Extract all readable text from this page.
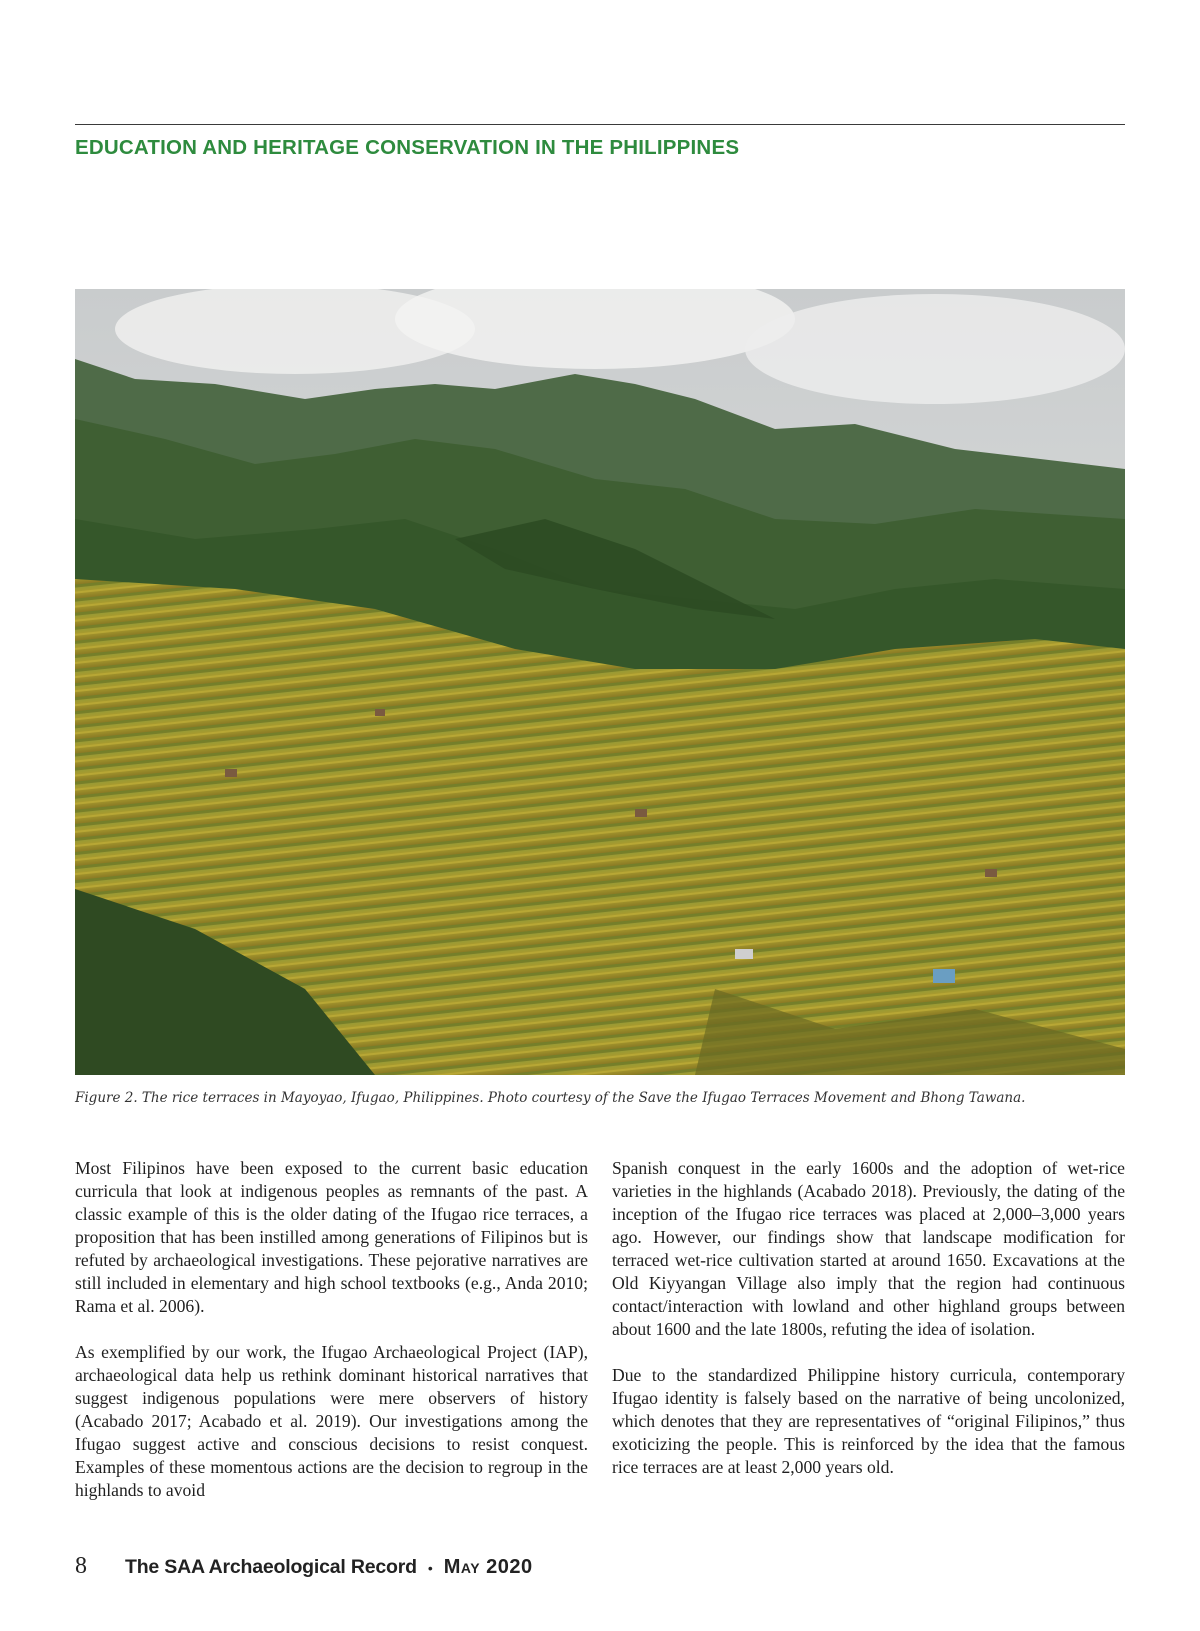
EDUCATION AND HERITAGE CONSERVATION IN THE PHILIPPINES

Figure 2. The rice terraces in Mayoyao, Ifugao, Philippines. Photo courtesy of the Save the Ifugao Terraces Movement and Bhong Tawana.

Most Filipinos have been exposed to the current basic education curricula that look at indigenous peoples as remnants of the past. A classic example of this is the older dating of the Ifugao rice terraces, a proposition that has been instilled among generations of Filipinos but is refuted by archaeological investigations. These pejorative narratives are still included in elementary and high school textbooks (e.g., Anda 2010; Rama et al. 2006).

As exemplified by our work, the Ifugao Archaeological Project (IAP), archaeological data help us rethink dominant historical narratives that suggest indigenous populations were mere observers of history (Acabado 2017; Acabado et al. 2019). Our investigations among the Ifugao suggest active and conscious decisions to resist conquest. Examples of these momentous actions are the decision to regroup in the highlands to avoid

Spanish conquest in the early 1600s and the adoption of wet-rice varieties in the highlands (Acabado 2018). Previously, the dating of the inception of the Ifugao rice terraces was placed at 2,000–3,000 years ago. However, our findings show that landscape modification for terraced wet-rice cultivation started at around 1650. Excavations at the Old Kiyyangan Village also imply that the region had continuous contact/interaction with lowland and other highland groups between about 1600 and the late 1800s, refuting the idea of isolation.

Due to the standardized Philippine history curricula, contemporary Ifugao identity is falsely based on the narrative of being uncolonized, which denotes that they are representatives of “original Filipinos,” thus exoticizing the people. This is reinforced by the idea that the famous rice terraces are at least 2,000 years old.

8 The SAA Archaeological Record • May 2020
